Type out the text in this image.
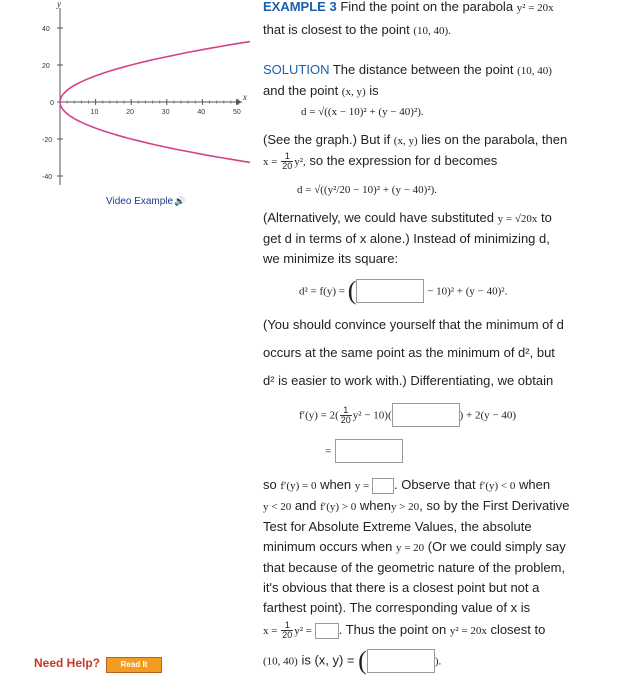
y
x
10	20	30	40	50
40
20
0
-20
-40
Video Example🔊
EXAMPLE 3 Find the point on the parabola y² = 20x
that is closest to the point (10, 40).
SOLUTION The distance between the point (10, 40)
and the point (x, y) is
d = √((x − 10)² + (y − 40)²).
(See the graph.) But if (x, y) lies on the parabola, then
$x = \frac{1}{20} y^2$, so the expression for d becomes
d = √((y²/20 − 10)² + (y − 40)²).
(Alternatively, we could have substituted y = √20x to
get d in terms of x alone.) Instead of minimizing d,
we minimize its square:
d² = f(y) = (	− 10)² + (y − 40)².
(You should convince yourself that the minimum of d
occurs at the same point as the minimum of d², but
d² is easier to work with.) Differentiating, we obtain
$f'(y) = 2( \frac{1}{20} y^2 - 10)$(	) + 2(y − 40)
=
so f′(y) = 0 when y = . Observe that f′(y) < 0 when
y < 20 and f′(y) > 0 wheny > 20, so by the First Derivative
Test for Absolute Extreme Values, the absolute
minimum occurs when y = 20 (Or we could simply say
that because of the geometric nature of the problem,
it's obvious that there is a closest point but not a
farthest point). The corresponding value of x is
$x = \frac{1}{20} y^2$ = . Thus the point on y² = 20x closest to
(10, 40) is (x, y) = (	).
Need Help?	Read It
